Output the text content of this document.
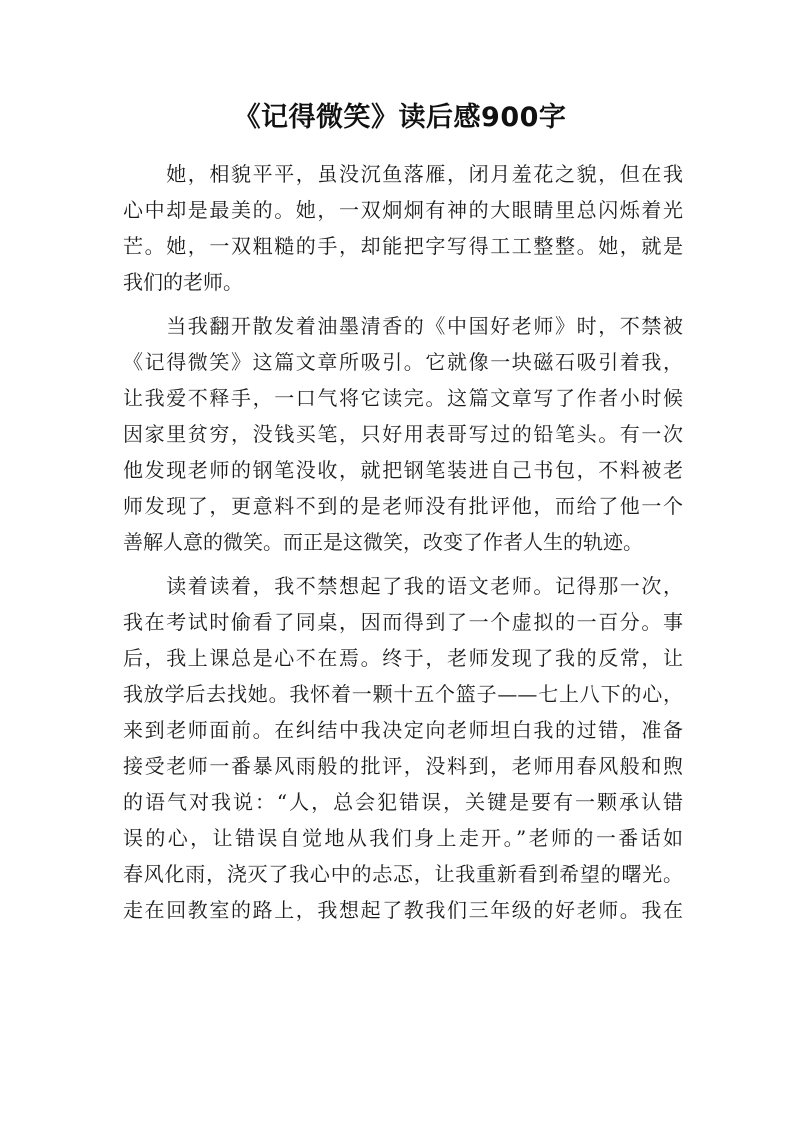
《记得微笑》读后感900字
　　她，相貌平平，虽没沉鱼落雁，闭月羞花之貌，但在我
心中却是最美的。她，一双炯炯有神的大眼睛里总闪烁着光
芒。她，一双粗糙的手，却能把字写得工工整整。她，就是
我们的老师。
　　当我翻开散发着油墨清香的《中国好老师》时，不禁被
《记得微笑》这篇文章所吸引。它就像一块磁石吸引着我，
让我爱不释手，一口气将它读完。这篇文章写了作者小时候
因家里贫穷，没钱买笔，只好用表哥写过的铅笔头。有一次
他发现老师的钢笔没收，就把钢笔装进自己书包，不料被老
师发现了，更意料不到的是老师没有批评他，而给了他一个
善解人意的微笑。而正是这微笑，改变了作者人生的轨迹。
　　读着读着，我不禁想起了我的语文老师。记得那一次，
我在考试时偷看了同桌，因而得到了一个虚拟的一百分。事
后，我上课总是心不在焉。终于，老师发现了我的反常，让
我放学后去找她。我怀着一颗十五个篮子——七上八下的心，
来到老师面前。在纠结中我决定向老师坦白我的过错，准备
接受老师一番暴风雨般的批评，没料到，老师用春风般和煦
的语气对我说：“人，总会犯错误，关键是要有一颗承认错
误的心，让错误自觉地从我们身上走开。”老师的一番话如
春风化雨，浇灭了我心中的忐忑，让我重新看到希望的曙光。
走在回教室的路上，我想起了教我们三年级的好老师。我在
